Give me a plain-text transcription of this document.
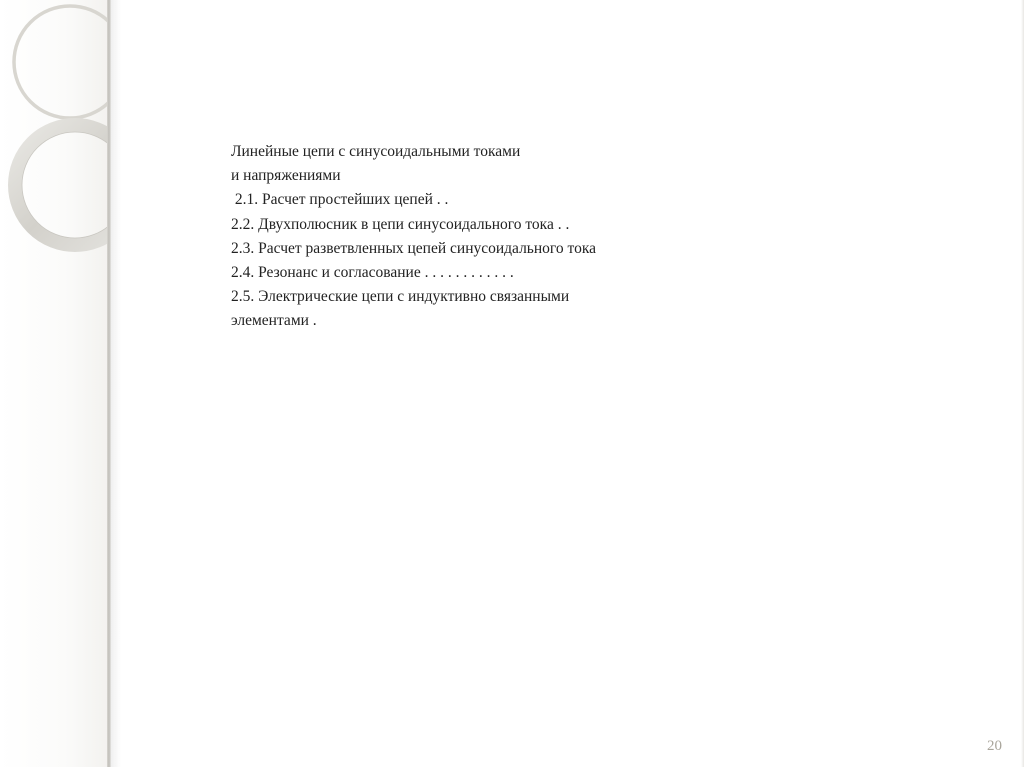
Линейные цепи с синусоидальными токами
и напряжениями
2.1. Расчет простейших цепей . .
2.2. Двухполюсник в цепи синусоидального тока . .
2.3. Расчет разветвленных цепей синусоидального тока
2.4. Резонанс и согласование . . . . . . . . . . . .
2.5. Электрические цепи с индуктивно связанными
элементами .
20
